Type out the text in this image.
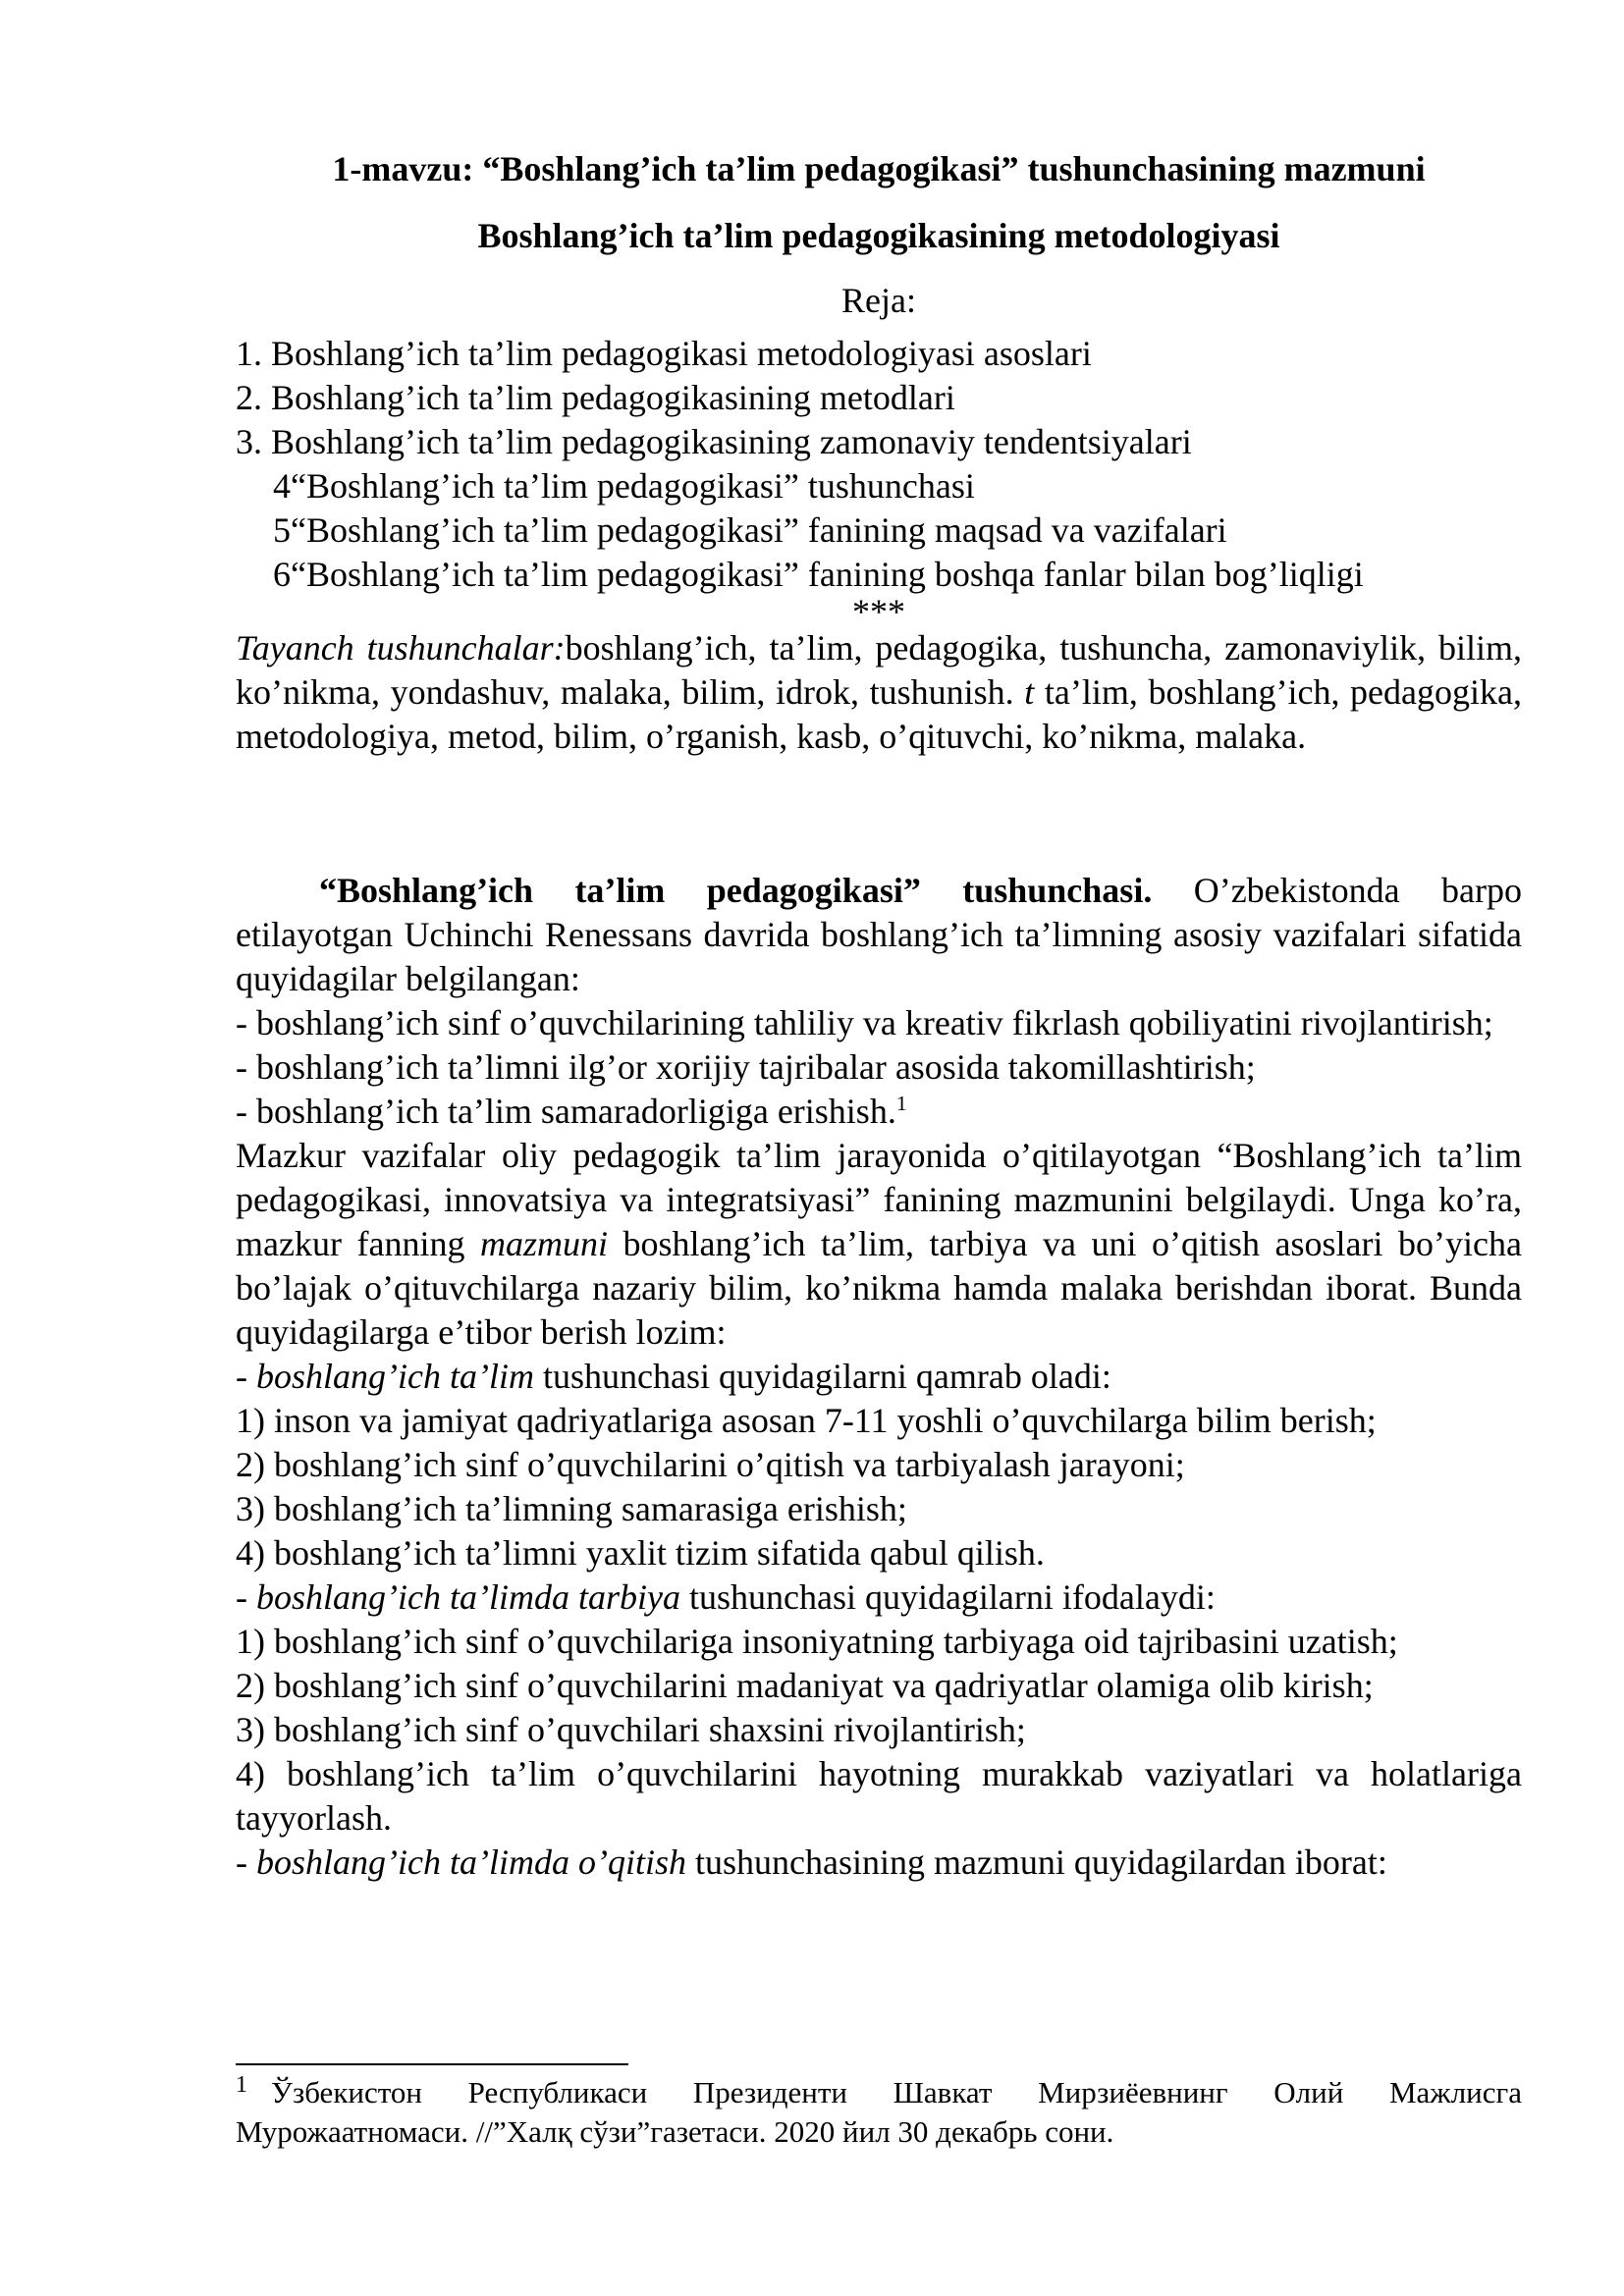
1-mavzu: “Boshlang’ich ta’lim pedagogikasi” tushunchasining mazmuni
Boshlang’ich ta’lim pedagogikasining metodologiyasi
Reja:
1. Boshlang’ich ta’lim pedagogikasi metodologiyasi asoslari
2. Boshlang’ich ta’lim pedagogikasining metodlari
3. Boshlang’ich ta’lim pedagogikasining zamonaviy tendentsiyalari
4“Boshlang’ich ta’lim pedagogikasi” tushunchasi
5“Boshlang’ich ta’lim pedagogikasi” fanining maqsad va vazifalari
6“Boshlang’ich ta’lim pedagogikasi” fanining boshqa fanlar bilan bog’liqligi
***

Tayanch tushunchalar:boshlang’ich, ta’lim, pedagogika, tushuncha, zamonaviylik, bilim, ko’nikma, yondashuv, malaka, bilim, idrok, tushunish. t ta’lim, boshlang’ich, pedagogika, metodologiya, metod, bilim, o’rganish, kasb, o’qituvchi, ko’nikma, malaka.

“Boshlang’ich ta’lim pedagogikasi” tushunchasi. O’zbekistonda barpo etilayotgan Uchinchi Renessans davrida boshlang’ich ta’limning asosiy vazifalari sifatida quyidagilar belgilangan:

- boshlang’ich sinf o’quvchilarining tahliliy va kreativ fikrlash qobiliyatini rivojlantirish;

- boshlang’ich ta’limni ilg’or xorijiy tajribalar asosida takomillashtirish;

- boshlang’ich ta’lim samaradorligiga erishish.$^1$

Mazkur vazifalar oliy pedagogik ta’lim jarayonida o’qitilayotgan “Boshlang’ich ta’lim pedagogikasi, innovatsiya va integratsiyasi” fanining mazmunini belgilaydi. Unga ko’ra, mazkur fanning mazmuni boshlang’ich ta’lim, tarbiya va uni o’qitish asoslari bo’yicha bo’lajak o’qituvchilarga nazariy bilim, ko’nikma hamda malaka berishdan iborat. Bunda quyidagilarga e’tibor berish lozim:

- boshlang’ich ta’lim tushunchasi quyidagilarni qamrab oladi:

1) inson va jamiyat qadriyatlariga asosan 7-11 yoshli o’quvchilarga bilim berish;

2) boshlang’ich sinf o’quvchilarini o’qitish va tarbiyalash jarayoni;

3) boshlang’ich ta’limning samarasiga erishish;

4) boshlang’ich ta’limni yaxlit tizim sifatida qabul qilish.

- boshlang’ich ta’limda tarbiya tushunchasi quyidagilarni ifodalaydi:

1) boshlang’ich sinf o’quvchilariga insoniyatning tarbiyaga oid tajribasini uzatish;

2) boshlang’ich sinf o’quvchilarini madaniyat va qadriyatlar olamiga olib kirish;

3) boshlang’ich sinf o’quvchilari shaxsini rivojlantirish;

4) boshlang’ich ta’lim o’quvchilarini hayotning murakkab vaziyatlari va holatlariga tayyorlash.

- boshlang’ich ta’limda o’qitish tushunchasining mazmuni quyidagilardan iborat:

$^1$ Ўзбекистон Республикаси Президенти Шавкат Мирзиёевнинг Олий Мажлисга Мурожаатномаси. //”Халқ сўзи”газетаси. 2020 йил 30 декабрь сони.
